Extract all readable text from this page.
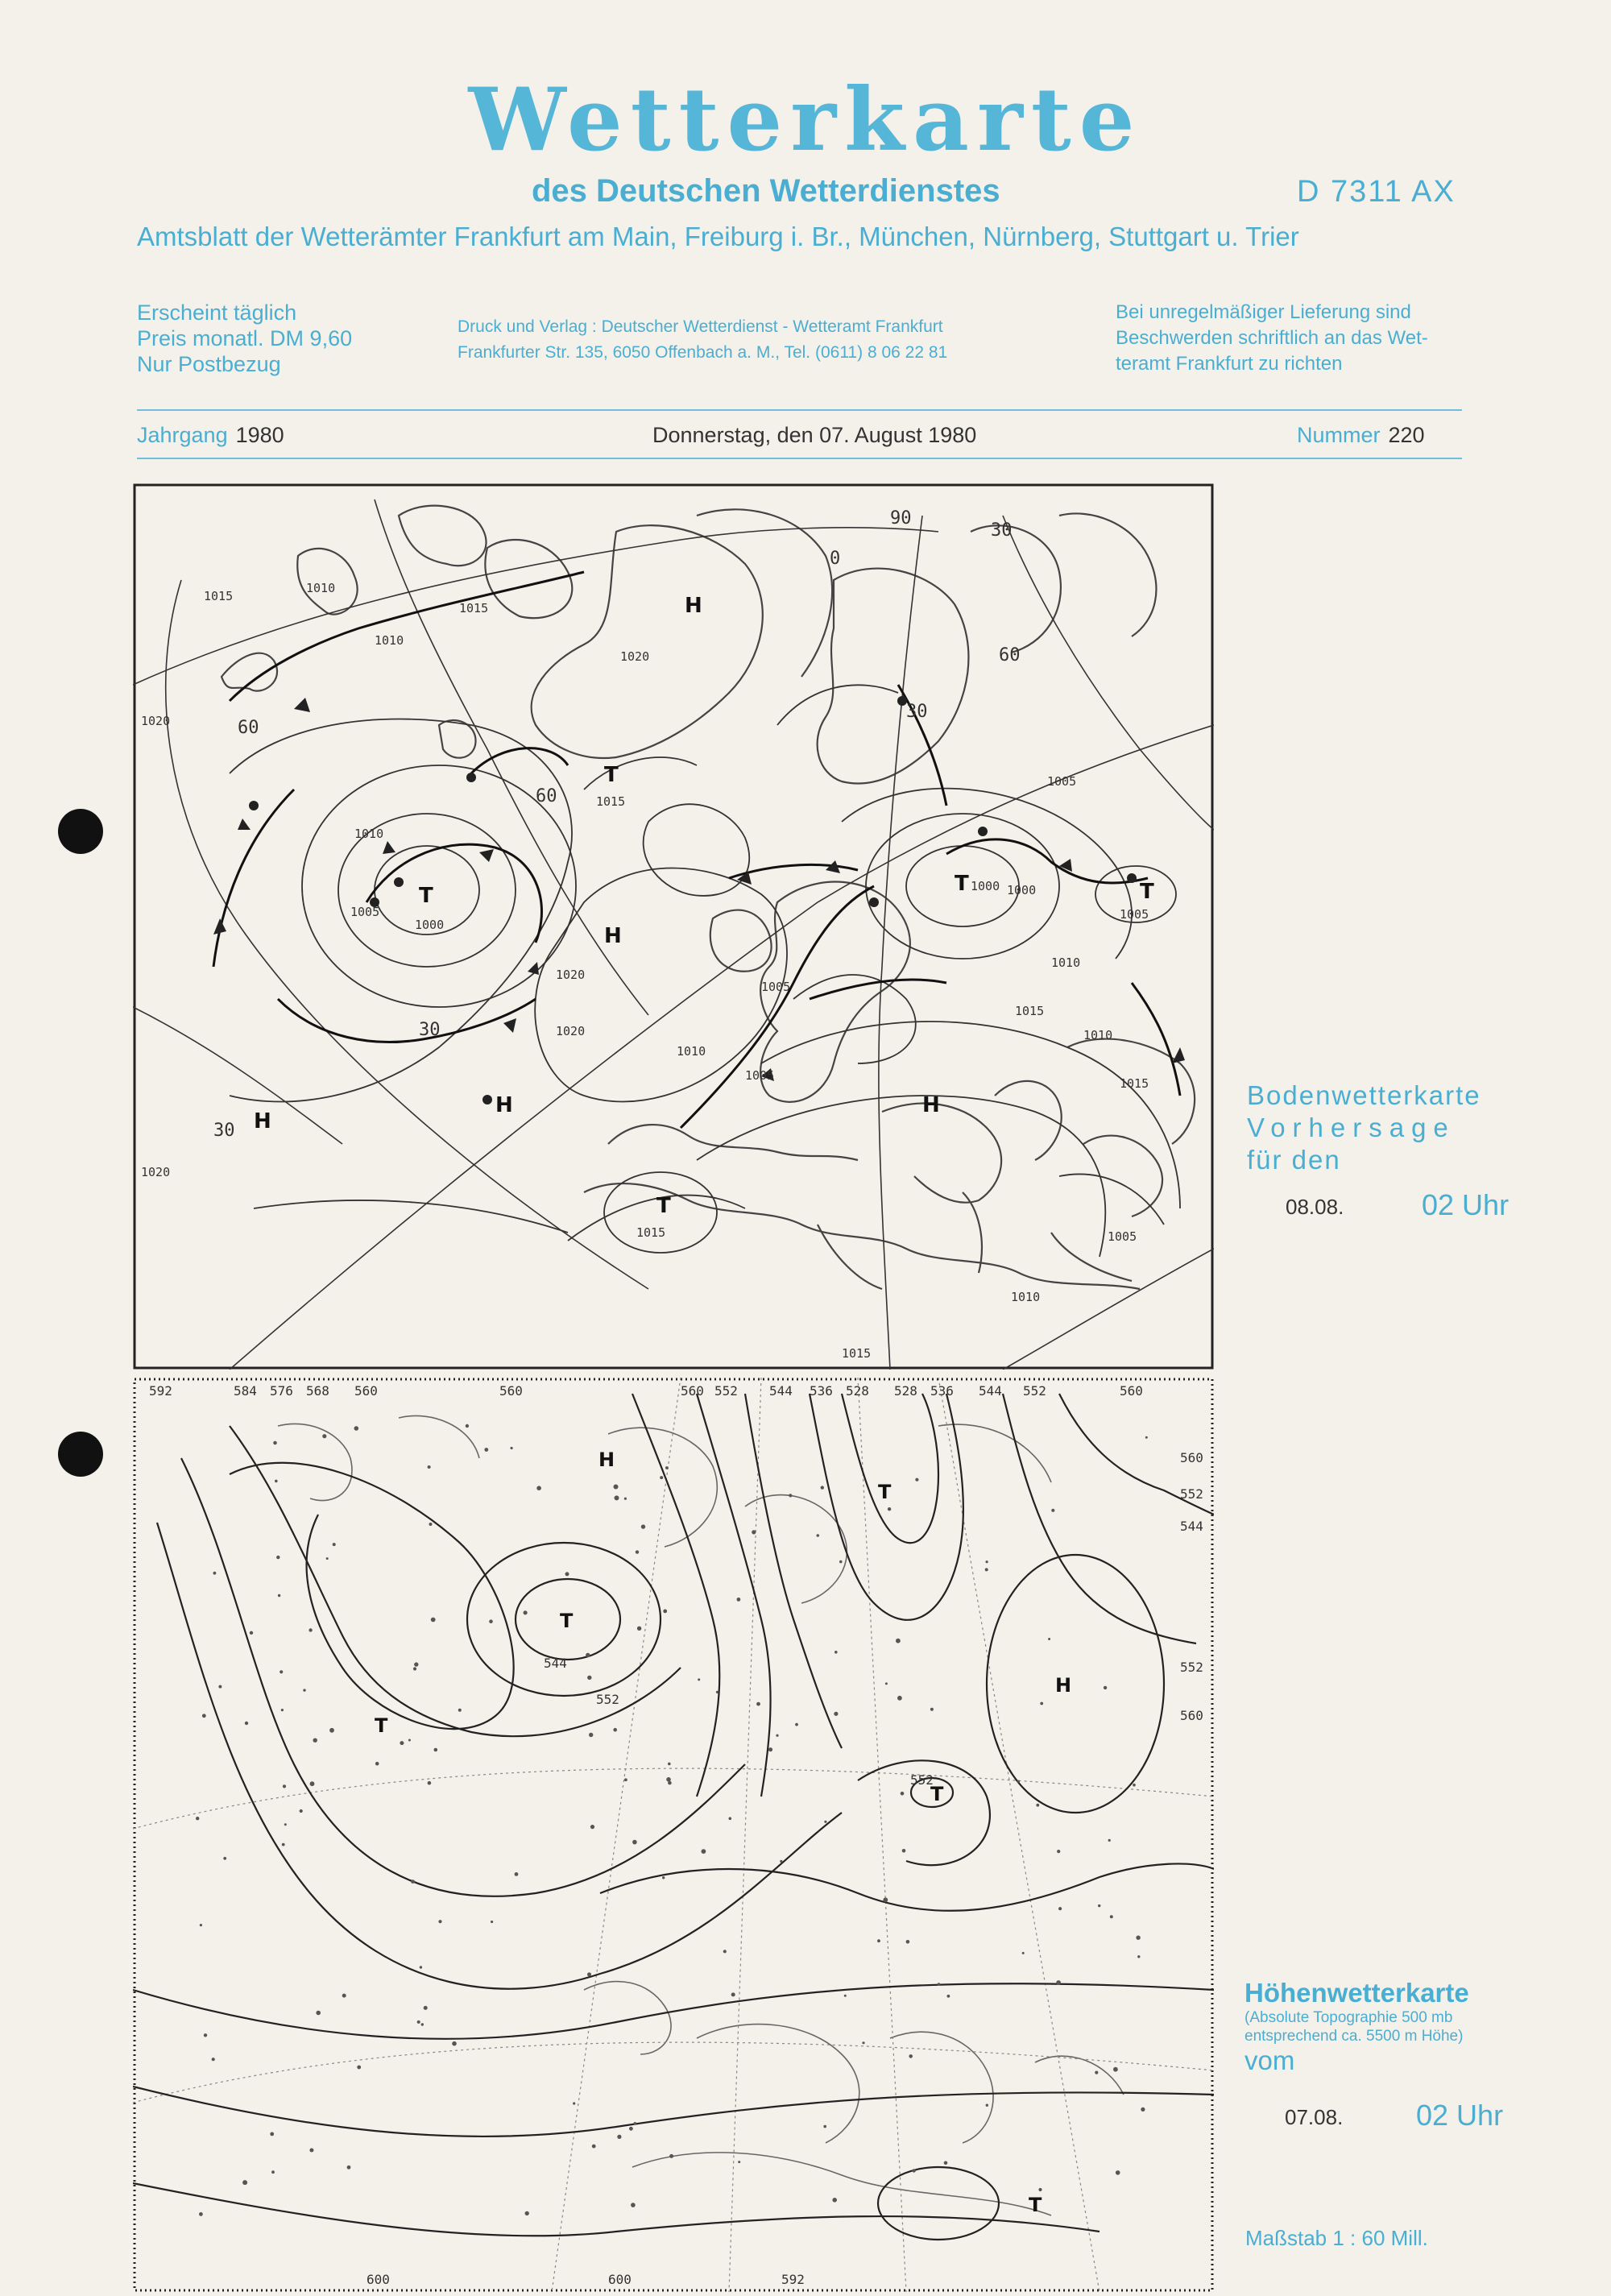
Wetterkarte
des Deutschen Wetterdienstes	D 7311 AX
Amtsblatt der Wetterämter Frankfurt am Main, Freiburg i. Br., München, Nürnberg, Stuttgart u. Trier
Erscheint täglich
Preis monatl. DM 9,60
Nur Postbezug
Druck und Verlag : Deutscher Wetterdienst - Wetteramt Frankfurt
Frankfurter Str. 135, 6050 Offenbach a. M., Tel. (0611) 8 06 22 81
Bei unregelmäßiger Lieferung sind
Beschwerden schriftlich an das Wet-
teramt Frankfurt zu richten
Jahrgang 1980	Donnerstag, den 07. August 1980	Nummer 220
T
T
T	T
T
H
H
H	H
H
1015
1010
1020
1010
1015
1020
1015
1010
1005
1000
1005
1000
1005
1010
1015
1020
1020
1010
1005
1000
1005
1010
1015
1015
1005
1010
1015
1020
60
30
60
30
90
60
30
0
30
Bodenwetterkarte
Vorhersage
für den
08.08.	02 Uhr
H
T
T
T
H
T
T
592	584 576 568 560	560	560 552 544 536 528 528 536 544 552	560
560
552
544
552
560
600	600	592
544
552
552
Höhenwetterkarte
(Absolute Topographie 500 mb
entsprechend ca. 5500 m Höhe)
vom
07.08.	02 Uhr
Maßstab 1 : 60 Mill.
